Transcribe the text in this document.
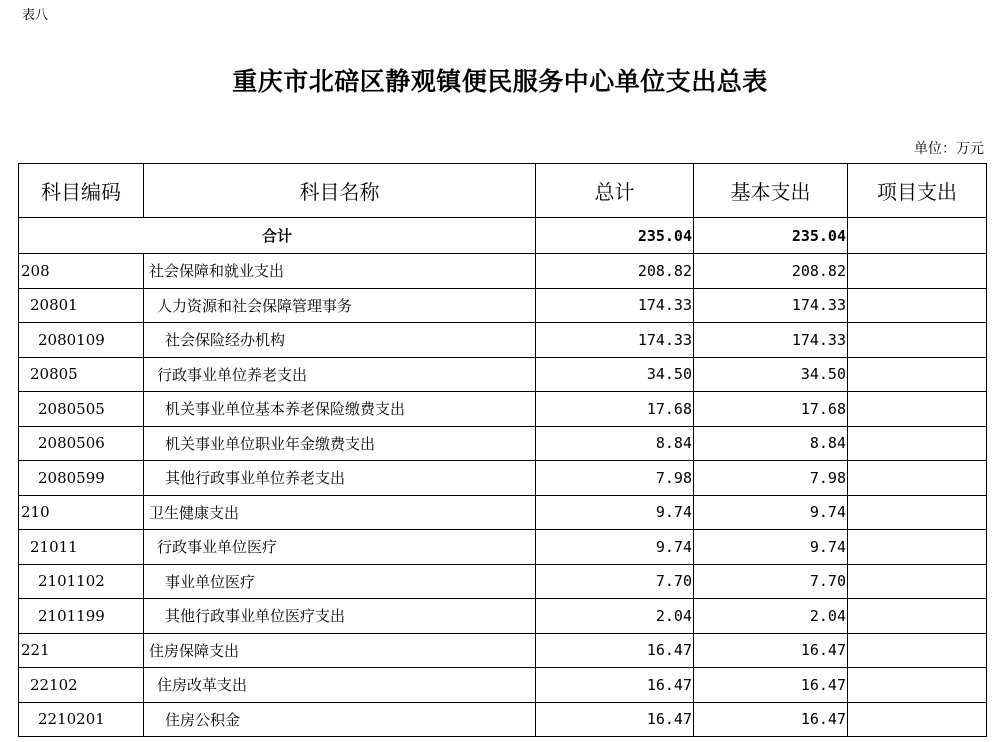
表八
重庆市北碚区静观镇便民服务中心单位支出总表
单位：万元
科目编码	科目名称	总计	基本支出	项目支出
合计		235.04	235.04	
208	社会保障和就业支出	208.82	208.82	
20801	人力资源和社会保障管理事务	174.33	174.33	
2080109	社会保险经办机构	174.33	174.33	
20805	行政事业单位养老支出	34.50	34.50	
2080505	机关事业单位基本养老保险缴费支出	17.68	17.68	
2080506	机关事业单位职业年金缴费支出	8.84	8.84	
2080599	其他行政事业单位养老支出	7.98	7.98	
210	卫生健康支出	9.74	9.74	
21011	行政事业单位医疗	9.74	9.74	
2101102	事业单位医疗	7.70	7.70	
2101199	其他行政事业单位医疗支出	2.04	2.04	
221	住房保障支出	16.47	16.47	
22102	住房改革支出	16.47	16.47	
2210201	住房公积金	16.47	16.47	
